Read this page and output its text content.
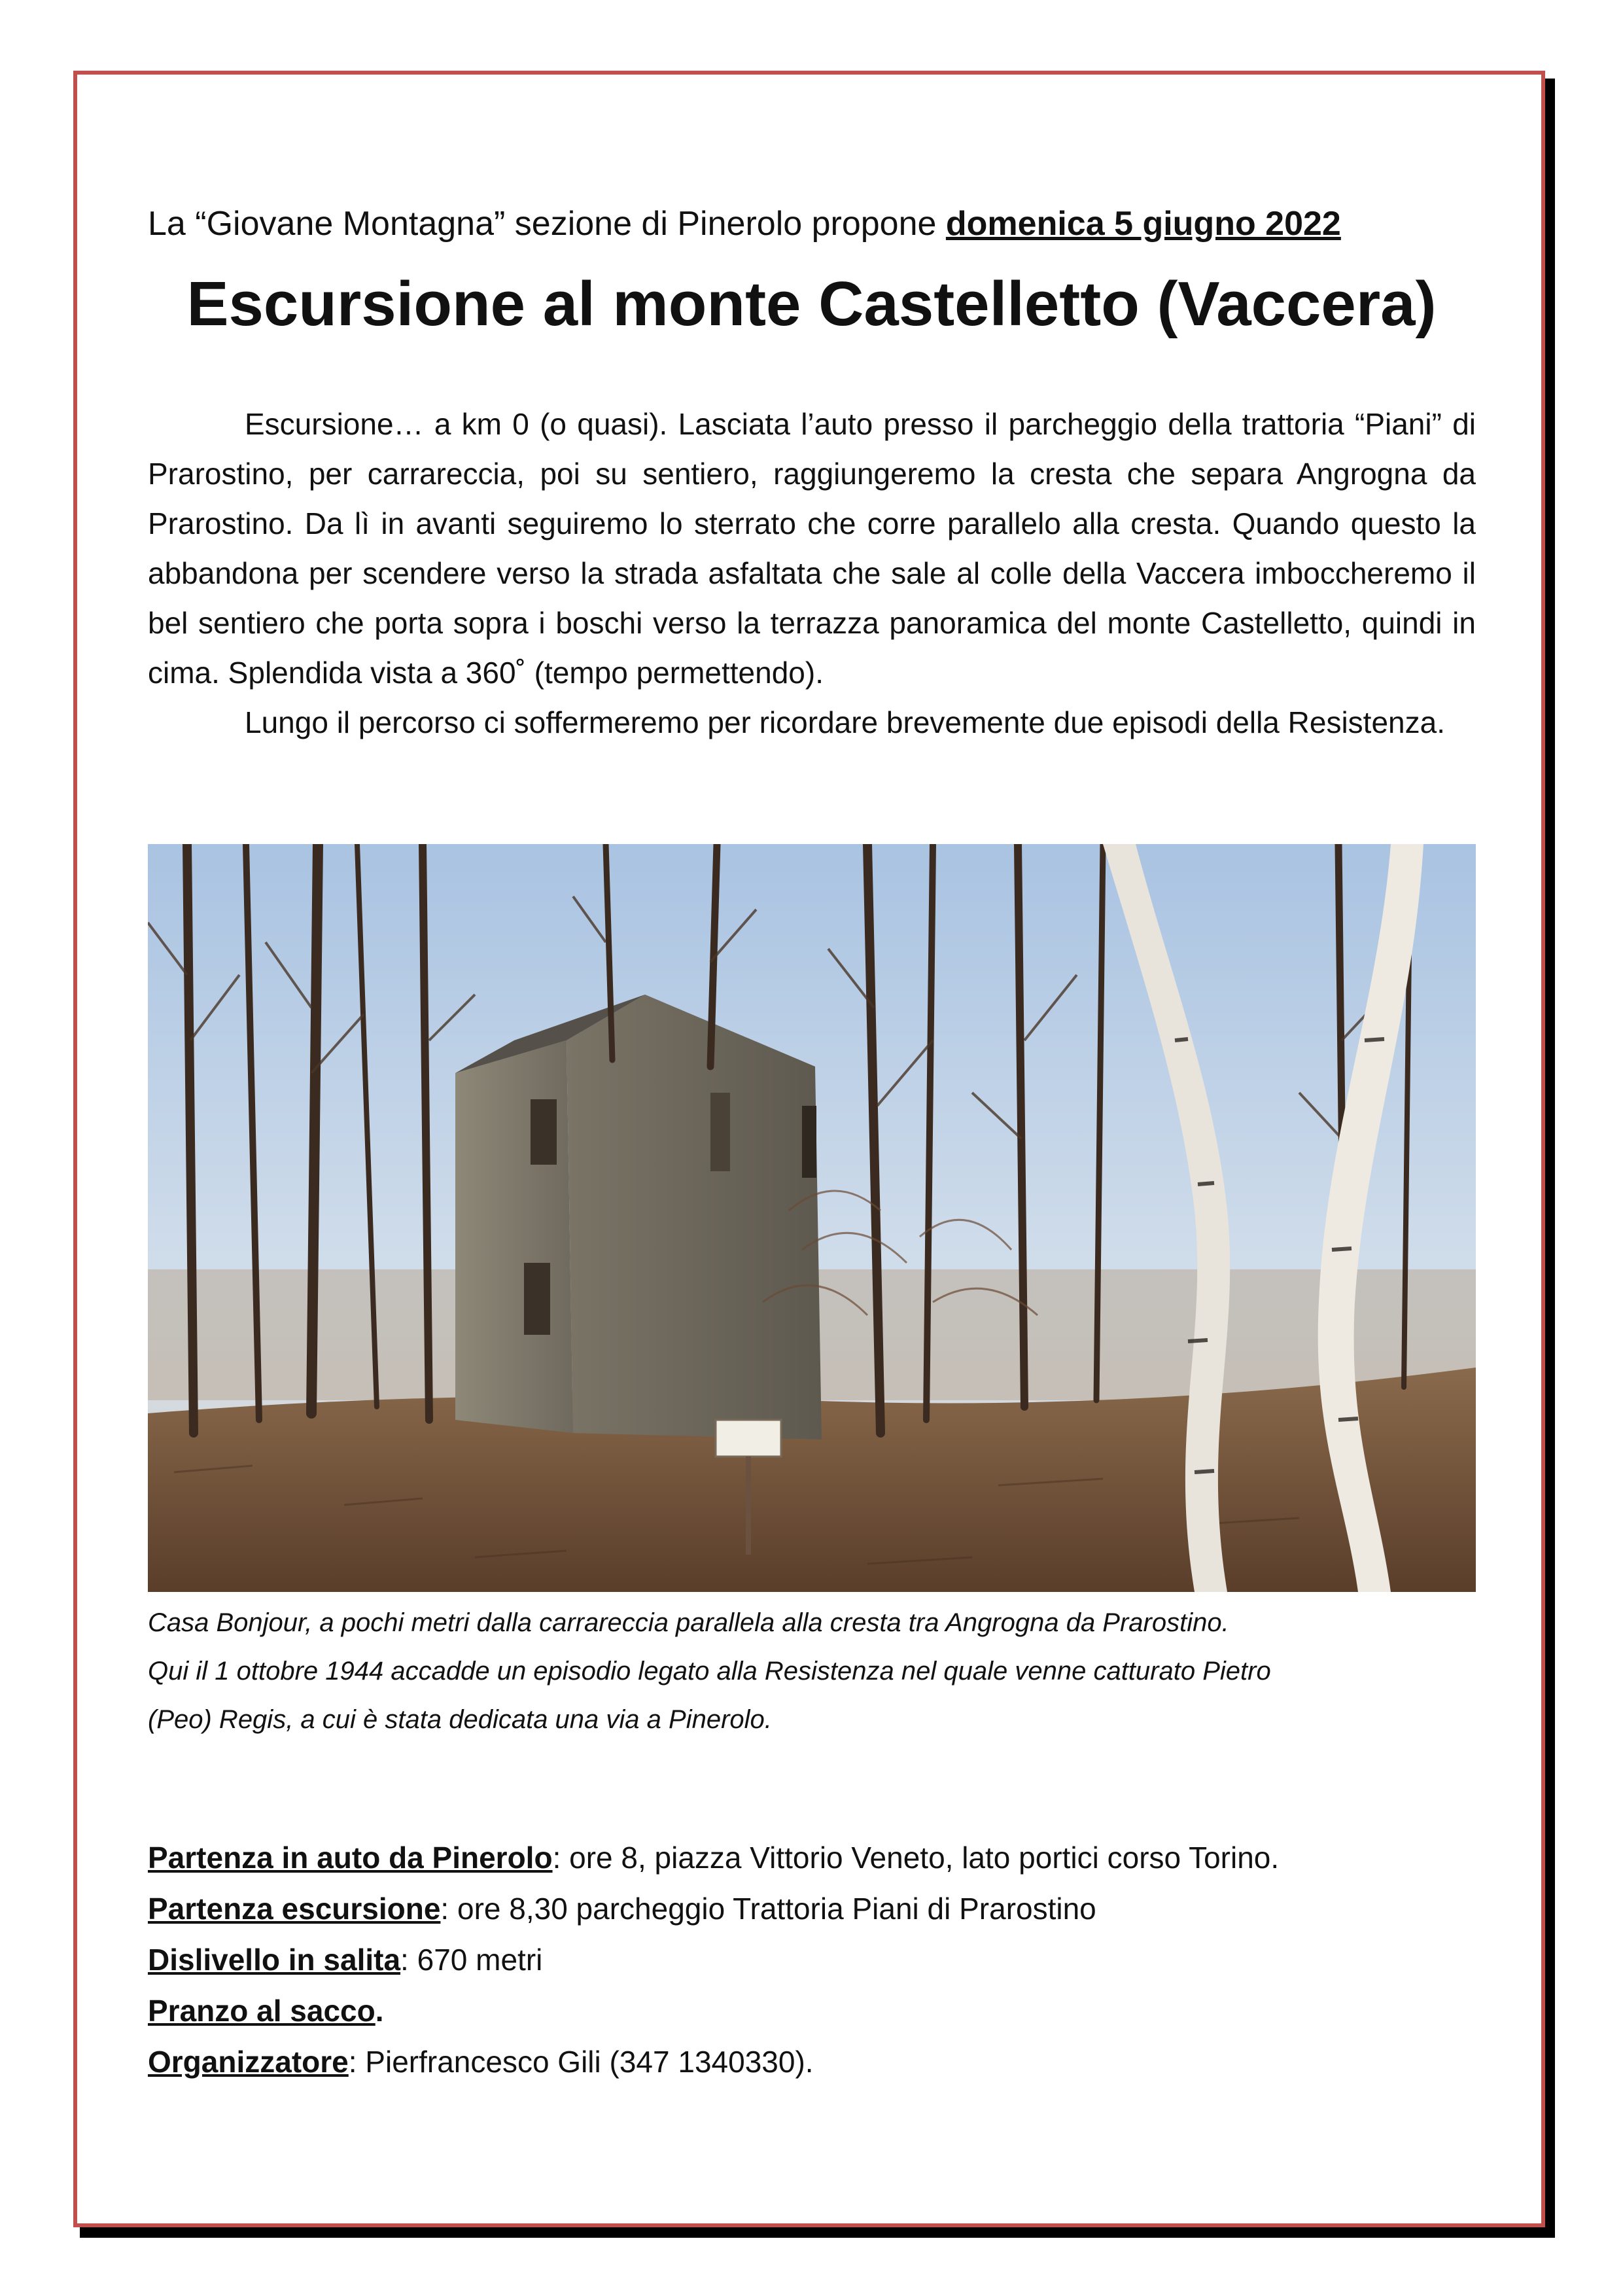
La “Giovane Montagna” sezione di Pinerolo propone domenica 5 giugno 2022
Escursione al monte Castelletto (Vaccera)

Escursione… a km 0 (o quasi). Lasciata l’auto presso il parcheggio della trattoria “Piani” di Prarostino, per carrareccia, poi su sentiero, raggiungeremo la cresta che separa Angrogna da Prarostino. Da lì in avanti seguiremo lo sterrato che corre parallelo alla cresta. Quando questo la abbandona per scendere verso la strada asfaltata che sale al colle della Vaccera imboccheremo il bel sentiero che porta sopra i boschi verso la terrazza panoramica del monte Castelletto, quindi in cima. Splendida vista a 360˚ (tempo permettendo).

Lungo il percorso ci soffermeremo per ricordare brevemente due episodi della Resistenza.

Casa Bonjour, a pochi metri dalla carrareccia parallela alla cresta tra Angrogna da Prarostino.
Qui il 1 ottobre 1944 accadde un episodio legato alla Resistenza nel quale venne catturato Pietro
(Peo) Regis, a cui è stata dedicata una via a Pinerolo.
Partenza in auto da Pinerolo: ore 8, piazza Vittorio Veneto, lato portici corso Torino.
Partenza escursione: ore 8,30 parcheggio Trattoria Piani di Prarostino
Dislivello in salita: 670 metri
Pranzo al sacco.
Organizzatore: Pierfrancesco Gili (347 1340330).
